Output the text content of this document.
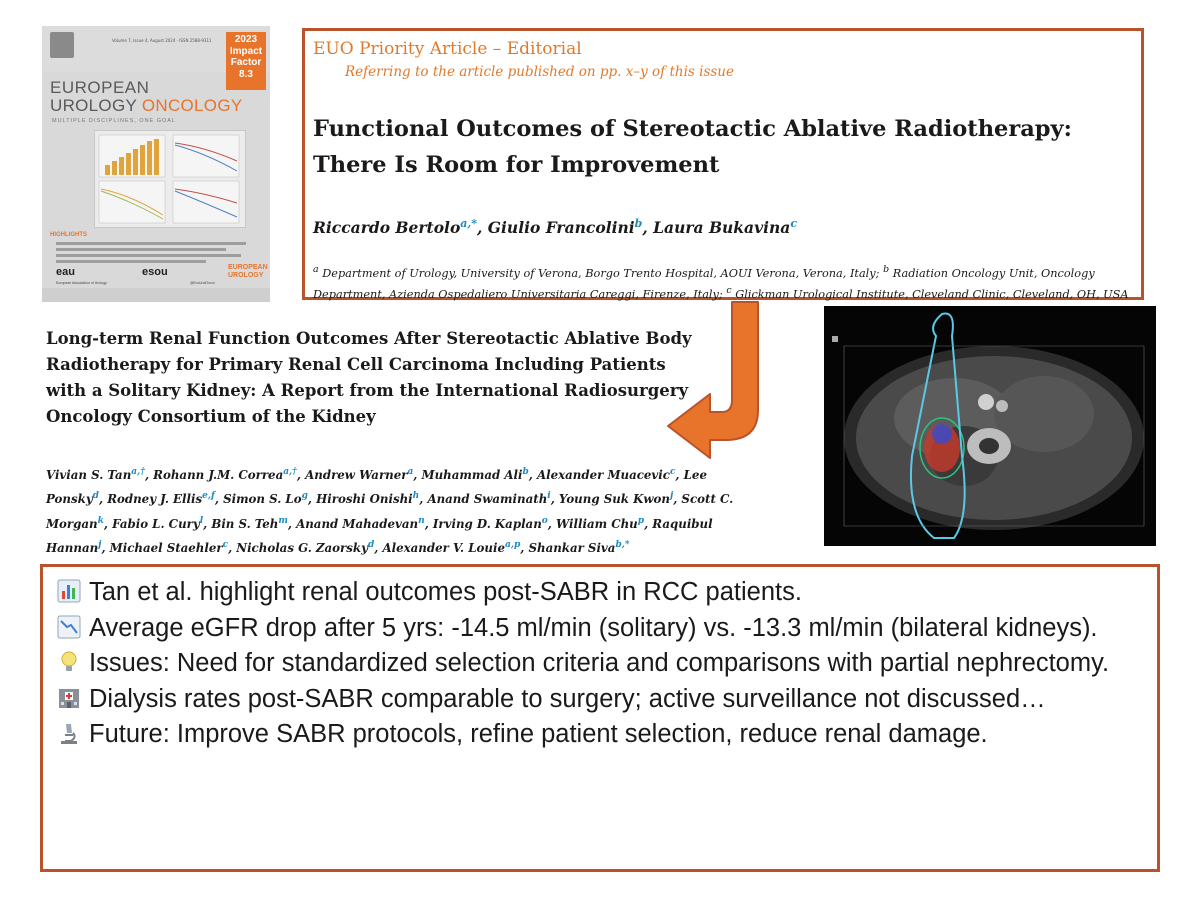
Volume 7, Issue 4, August 2024 · ISSN 2588-9311	2023
Impact
Factor
8.3
EUROPEAN
UROLOGY ONCOLOGY
MULTIPLE DISCIPLINES, ONE GOAL
HIGHLIGHTS
eau
European Association of Urology
esou
@EurUrolOncol
EUROPEAN
UROLOGY
EUO Priority Article – Editorial
Referring to the article published on pp. x–y of this issue
Functional Outcomes of Stereotactic Ablative Radiotherapy:
There Is Room for Improvement
Riccardo Bertolo$^{a,*}$, Giulio Francolini$^b$, Laura Bukavina$^c$
$^a$ Department of Urology, University of Verona, Borgo Trento Hospital, AOUI Verona, Verona, Italy; $^b$ Radiation Oncology Unit, Oncology Department, Azienda Ospedaliero Universitaria Careggi, Firenze, Italy; $^c$ Glickman Urological Institute, Cleveland Clinic, Cleveland, OH, USA
Long-term Renal Function Outcomes After Stereotactic Ablative Body Radiotherapy for Primary Renal Cell Carcinoma Including Patients with a Solitary Kidney: A Report from the International Radiosurgery Oncology Consortium of the Kidney
Vivian S. Tan$^{a,\dagger}$, Rohann J.M. Correa$^{a,\dagger}$, Andrew Warner$^a$, Muhammad Ali$^b$, Alexander Muacevic$^c$, Lee Ponsky$^d$, Rodney J. Ellis$^{e,f}$, Simon S. Lo$^g$, Hiroshi Onishi$^h$, Anand Swaminath$^i$, Young Suk Kwon$^j$, Scott C. Morgan$^k$, Fabio L. Cury$^l$, Bin S. Teh$^m$, Anand Mahadevan$^n$, Irving D. Kaplan$^o$, William Chu$^p$, Raquibul Hannan$^j$, Michael Staehler$^c$, Nicholas G. Zaorsky$^d$, Alexander V. Louie$^{a,p}$, Shankar Siva$^{b,*}$
Tan et al. highlight renal outcomes post-SABR in RCC patients.
Average eGFR drop after 5 yrs: -14.5 ml/min (solitary) vs. -13.3 ml/min (bilateral kidneys).
Issues: Need for standardized selection criteria and comparisons with partial nephrectomy.
Dialysis rates post-SABR comparable to surgery; active surveillance not discussed…
Future: Improve SABR protocols, refine patient selection, reduce renal damage.
